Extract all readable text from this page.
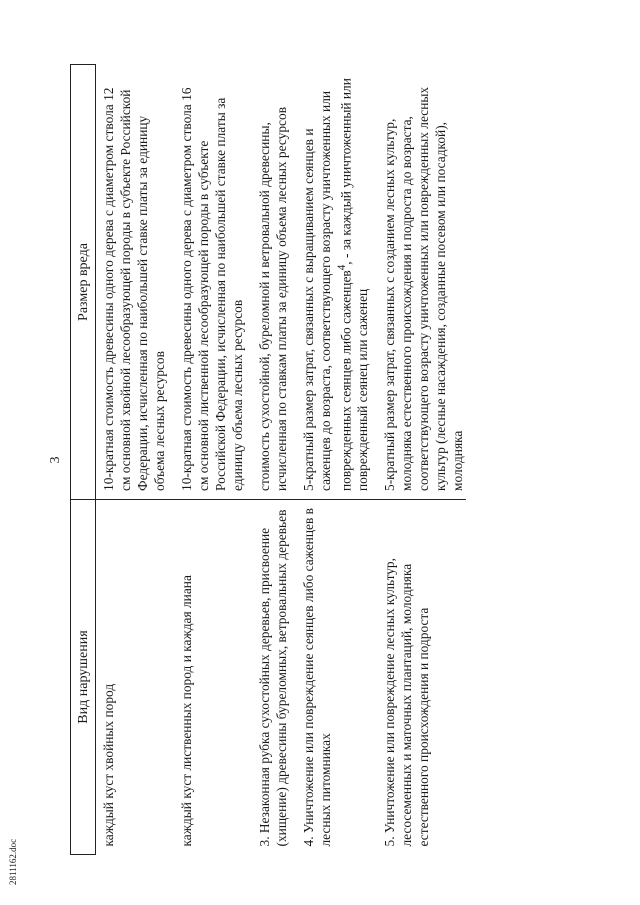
3
Вид нарушения	Размер вреда
каждый куст хвойных пород	10-кратная стоимость древесины одного дерева с диаметром ствола 12 см основной хвойной лесообразующей породы в субъекте Российской Федерации, исчисленная по наибольшей ставке платы за единицу объема лесных ресурсов
каждый куст лиственных пород и каждая лиана	10-кратная стоимость древесины одного дерева с диаметром ствола 16 см основной лиственной лесообразующей породы в субъекте Российской Федерации, исчисленная по наибольшей ставке платы за единицу объема лесных ресурсов
3. Незаконная рубка сухостойных деревьев, присвоение (хищение) древесины буреломных, ветровальных деревьев	стоимость сухостойной, буреломной и ветровальной древесины, исчисленная по ставкам платы за единицу объема лесных ресурсов
4. Уничтожение или повреждение сеянцев либо саженцев в лесных питомниках	5-кратный размер затрат, связанных с выращиванием сеянцев и саженцев до возраста, соответствующего возрасту уничтоженных или поврежденных сеянцев либо саженцев$^4$, - за каждый уничтоженный или поврежденный сеянец или саженец
5. Уничтожение или повреждение лесных культур, лесосеменных и маточных плантаций, молодняка естественного происхождения и подроста	5-кратный размер затрат, связанных с созданием лесных культур, молодняка естественного происхождения и подроста до возраста, соответствующего возрасту уничтоженных или поврежденных лесных культур (лесные насаждения, созданные посевом или посадкой), молодняка
2811162.doc
